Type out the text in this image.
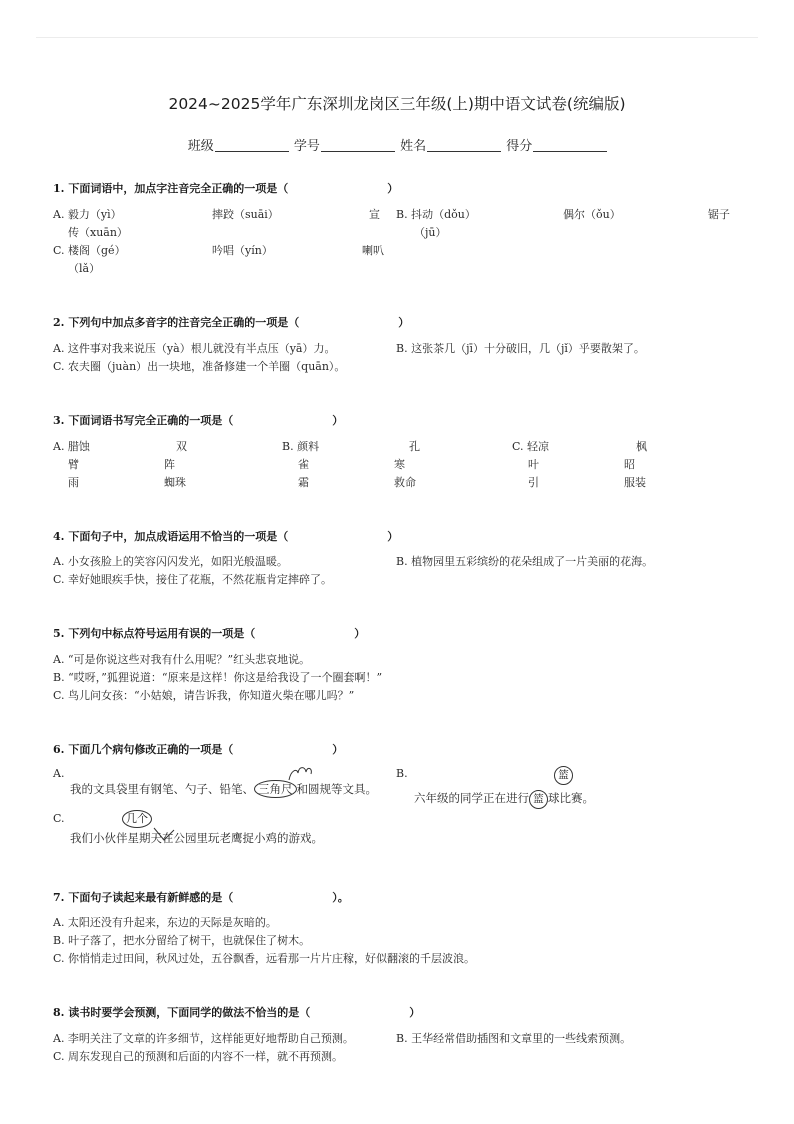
2024~2025学年广东深圳龙岗区三年级(上)期中语文试卷(统编版)
班级	学号	姓名	得分
1. 下面词语中，加点字注音完全正确的一项是（　　　　　　　　　）
A. 毅力（yì）	摔跤（suāi）	宣
传（xuān）
B. 抖动（dǒu）	偶尔（ǒu）	锯子
（jū）
C. 楼阁（gé）	吟唱（yín）	喇叭
（lǎ）
2. 下列句中加点多音字的注音完全正确的一项是（　　　　　　　　　）
A. 这件事对我来说压（yà）根儿就没有半点压（yā）力。	B. 这张茶几（jī）十分破旧，几（jǐ）乎要散架了。
C. 农夫圈（juàn）出一块地，准备修建一个羊圈（quān）。
3. 下面词语书写完全正确的一项是（　　　　　　　　　）
A. 腊蚀	双
臂	阵
雨	蜘珠
B. 颜料	孔
雀	寒
霜	救命
C. 轻凉	枫
叶	昭
引	服装
4. 下面句子中，加点成语运用不恰当的一项是（　　　　　　　　　）
A. 小女孩脸上的笑容闪闪发光，如阳光般温暖。	B. 植物园里五彩缤纷的花朵组成了一片美丽的花海。
C. 幸好她眼疾手快，接住了花瓶，不然花瓶肯定摔碎了。
5. 下列句中标点符号运用有误的一项是（　　　　　　　　　）
A. “可是你说这些对我有什么用呢？”红头悲哀地说。
B. “哎呀，”狐狸说道：“原来是这样！你这是给我设了一个圈套啊！”
C. 鸟儿问女孩：“小姑娘，请告诉我，你知道火柴在哪儿吗？”
6. 下面几个病句修改正确的一项是（　　　　　　　　　）
A.
我的文具袋里有钢笔、勺子、铅笔、 三角尺 和圆规等文具。
B.	篮
六年级的同学正在进行 篮 球比赛。
C.	几个
我们小伙伴星期天在公园里玩老鹰捉小鸡的游戏。
7. 下面句子读起来最有新鲜感的是（　　　　　　　　　）。
A. 太阳还没有升起来，东边的天际是灰暗的。
B. 叶子落了，把水分留给了树干，也就保住了树木。
C. 你悄悄走过田间，秋风过处，五谷飘香，远看那一片片庄稼，好似翻滚的千层波浪。
8. 读书时要学会预测，下面同学的做法不恰当的是（　　　　　　　　　）
A. 李明关注了文章的许多细节，这样能更好地帮助自己预测。	B. 王华经常借助插图和文章里的一些线索预测。
C. 周东发现自己的预测和后面的内容不一样，就不再预测。
